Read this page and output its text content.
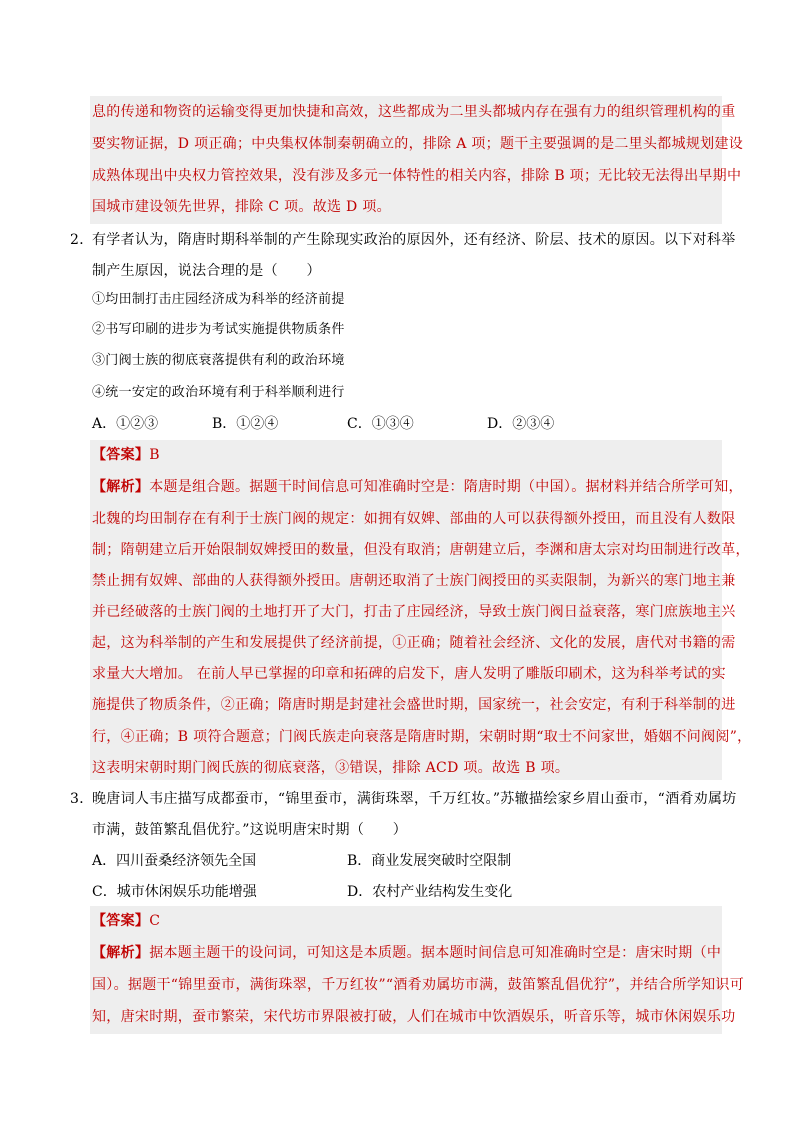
息的传递和物资的运输变得更加快捷和高效，这些都成为二里头都城内存在强有力的组织管理机构的重
要实物证据，D 项正确；中央集权体制秦朝确立的，排除 A 项；题干主要强调的是二里头都城规划建设
成熟体现出中央权力管控效果，没有涉及多元一体特性的相关内容，排除 B 项；无比较无法得出早期中
国城市建设领先世界，排除 C 项。故选 D 项。
2．
有学者认为，隋唐时期科举制的产生除现实政治的原因外，还有经济、阶层、技术的原因。以下对科举
制产生原因，说法合理的是（　　）
①均田制打击庄园经济成为科举的经济前提
②书写印刷的进步为考试实施提供物质条件
③门阀士族的彻底衰落提供有利的政治环境
④统一安定的政治环境有利于科举顺利进行
A．①②③	B．①②④	C．①③④	D．②③④
【答案】B
【解析】本题是组合题。据题干时间信息可知准确时空是：隋唐时期（中国）。据材料并结合所学可知，
北魏的均田制存在有利于士族门阀的规定：如拥有奴婢、部曲的人可以获得额外授田，而且没有人数限
制；隋朝建立后开始限制奴婢授田的数量，但没有取消；唐朝建立后，李渊和唐太宗对均田制进行改革，
禁止拥有奴婢、部曲的人获得额外授田。唐朝还取消了士族门阀授田的买卖限制，为新兴的寒门地主兼
并已经破落的士族门阀的土地打开了大门，打击了庄园经济，导致士族门阀日益衰落，寒门庶族地主兴
起，这为科举制的产生和发展提供了经济前提，①正确；随着社会经济、文化的发展，唐代对书籍的需
求量大大增加。 在前人早已掌握的印章和拓碑的启发下，唐人发明了雕版印刷术，这为科举考试的实
施提供了物质条件，②正确；隋唐时期是封建社会盛世时期，国家统一，社会安定，有利于科举制的进
行，④正确；B 项符合题意；门阀氏族走向衰落是隋唐时期，宋朝时期“取士不问家世，婚姻不问阀阅”，
这表明宋朝时期门阀氏族的彻底衰落，③错误，排除 ACD 项。故选 B 项。
3．
晚唐词人韦庄描写成都蚕市，“锦里蚕市，满街珠翠，千万红妆。”苏辙描绘家乡眉山蚕市，“酒肴劝属坊
市满，鼓笛繁乱倡优狞。”这说明唐宋时期（　　）
A．四川蚕桑经济领先全国	B．商业发展突破时空限制
C．城市休闲娱乐功能增强	D．农村产业结构发生变化
【答案】C
【解析】据本题主题干的设问词，可知这是本质题。据本题时间信息可知准确时空是：唐宋时期（中
国）。据题干“锦里蚕市，满街珠翠，千万红妆”“酒肴劝属坊市满，鼓笛繁乱倡优狞”，并结合所学知识可
知，唐宋时期，蚕市繁荣，宋代坊市界限被打破，人们在城市中饮酒娱乐，听音乐等，城市休闲娱乐功
